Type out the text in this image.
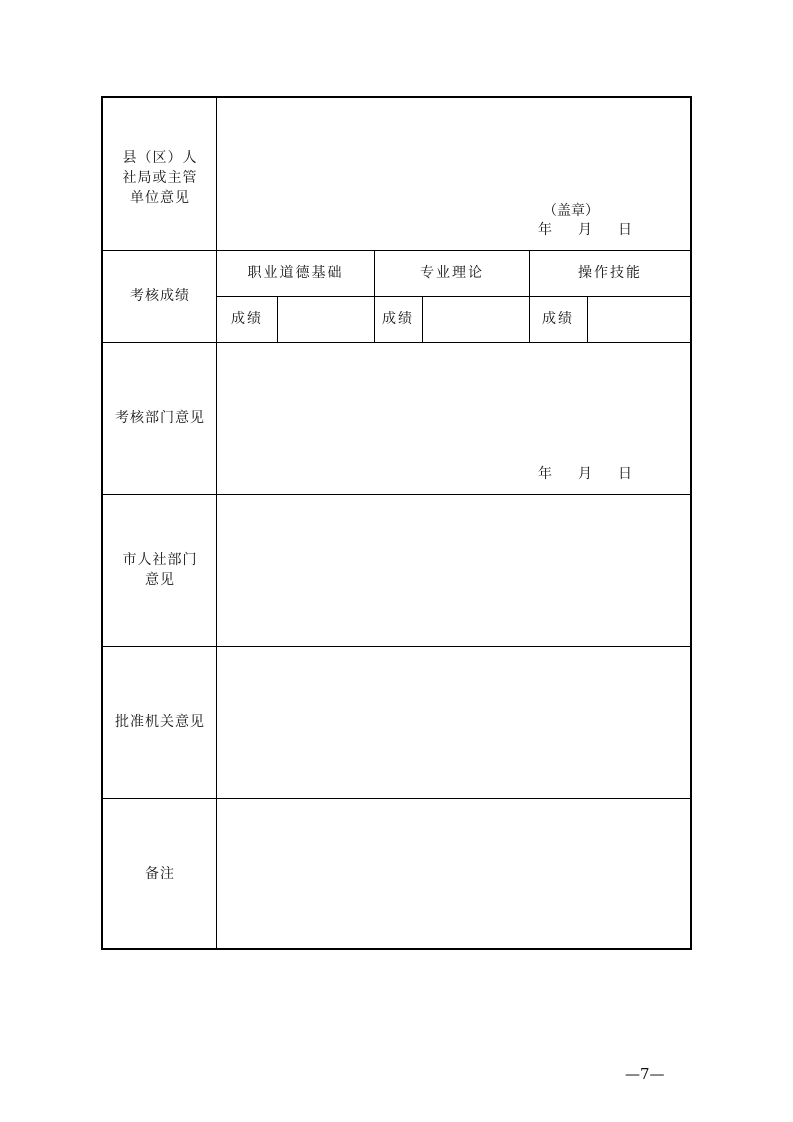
县（区）人
社局或主管
单位意见
（盖章）
年 月 日
考核成绩
职业道德基础	专业理论	操作技能
成绩	成绩	成绩
考核部门意见
年 月 日
市人社部门
意见
批准机关意见
备注
—7—
